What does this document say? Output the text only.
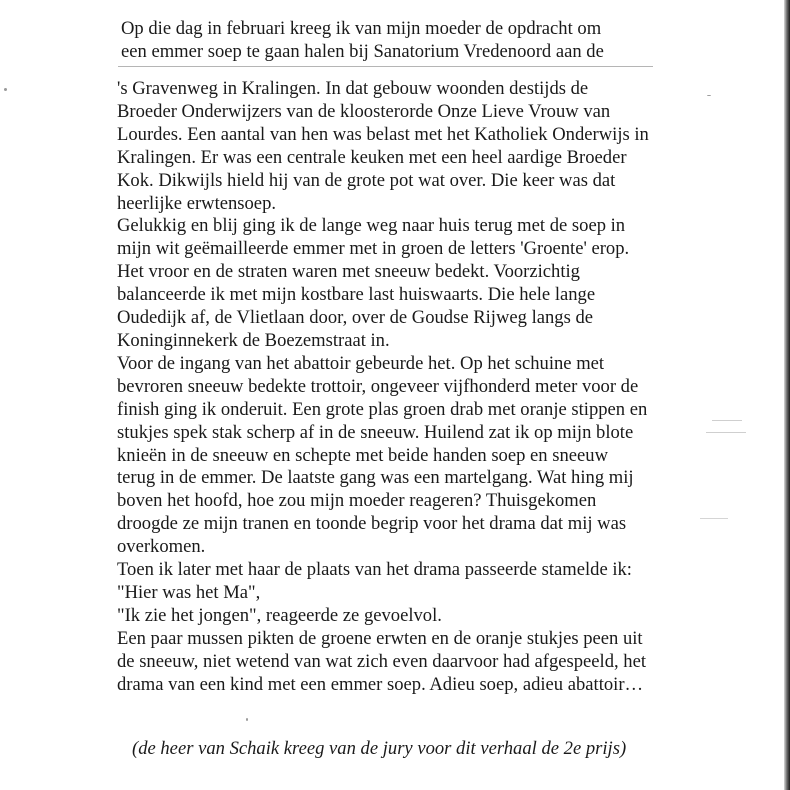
Op die dag in februari kreeg ik van mijn moeder de opdracht om
een emmer soep te gaan halen bij Sanatorium Vredenoord aan de
's Gravenweg in Kralingen. In dat gebouw woonden destijds de
Broeder Onderwijzers van de kloosterorde Onze Lieve Vrouw van
Lourdes. Een aantal van hen was belast met het Katholiek Onderwijs in
Kralingen. Er was een centrale keuken met een heel aardige Broeder
Kok. Dikwijls hield hij van de grote pot wat over. Die keer was dat
heerlijke erwtensoep.
Gelukkig en blij ging ik de lange weg naar huis terug met de soep in
mijn wit geëmailleerde emmer met in groen de letters 'Groente' erop.
Het vroor en de straten waren met sneeuw bedekt. Voorzichtig
balanceerde ik met mijn kostbare last huiswaarts. Die hele lange
Oudedijk af, de Vlietlaan door, over de Goudse Rijweg langs de
Koninginnekerk de Boezemstraat in.
Voor de ingang van het abattoir gebeurde het. Op het schuine met
bevroren sneeuw bedekte trottoir, ongeveer vijfhonderd meter voor de
finish ging ik onderuit. Een grote plas groen drab met oranje stippen en
stukjes spek stak scherp af in de sneeuw. Huilend zat ik op mijn blote
knieën in de sneeuw en schepte met beide handen soep en sneeuw
terug in de emmer. De laatste gang was een martelgang. Wat hing mij
boven het hoofd, hoe zou mijn moeder reageren? Thuisgekomen
droogde ze mijn tranen en toonde begrip voor het drama dat mij was
overkomen.
Toen ik later met haar de plaats van het drama passeerde stamelde ik:
"Hier was het Ma",
"Ik zie het jongen", reageerde ze gevoelvol.
Een paar mussen pikten de groene erwten en de oranje stukjes peen uit
de sneeuw, niet wetend van wat zich even daarvoor had afgespeeld, het
drama van een kind met een emmer soep. Adieu soep, adieu abattoir…

(de heer van Schaik kreeg van de jury voor dit verhaal de 2e prijs)
